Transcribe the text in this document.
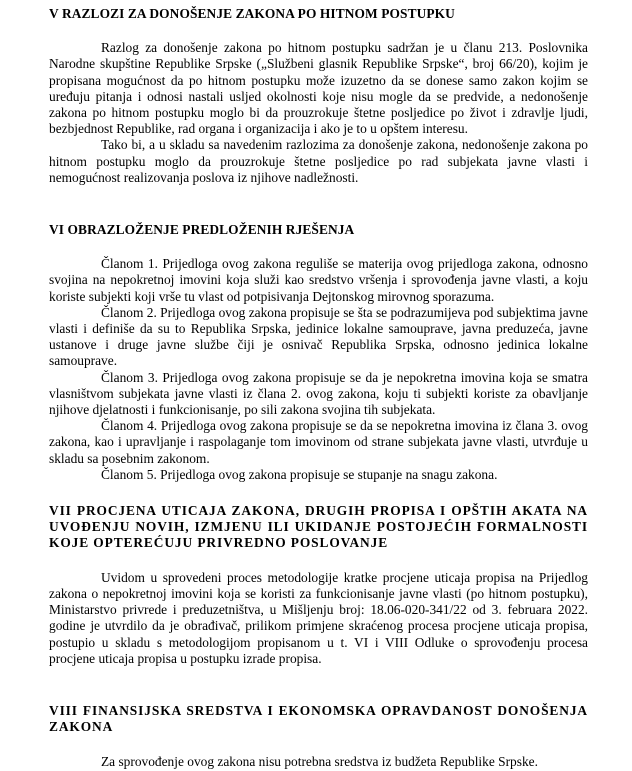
V RAZLOZI ZA DONOŠENJE ZAKONA PO HITNOM POSTUPKU

Razlog za donošenje zakona po hitnom postupku sadržan je u članu 213. Poslovnika Narodne skupštine Republike Srpske („Službeni glasnik Republike Srpske“, broj 66/20), kojim je propisana mogućnost da po hitnom postupku može izuzetno da se donese samo zakon kojim se uređuju pitanja i odnosi nastali uslјed okolnosti koje nisu mogle da se predvide, a nedonošenje zakona po hitnom postupku moglo bi da prouzrokuje štetne posljedice po život i zdravlje ljudi, bezbjednost Republike, rad organa i organizacija i ako je to u opštem interesu.

Tako bi, a u skladu sa navedenim razlozima za donošenje zakona, nedonošenje zakona po hitnom postupku moglo da prouzrokuje štetne posljedice po rad subjekata javne vlasti i nemogućnost realizovanja poslova iz njihove nadležnosti.

VI OBRAZLOŽENJE PREDLOŽENIH RJEŠENJA

Članom 1. Prijedloga ovog zakona reguliše se materija ovog prijedloga zakona, odnosno svojina na nepokretnoj imovini koja služi kao sredstvo vršenja i sprovođenja javne vlasti, a koju koriste subjekti koji vrše tu vlast od potpisivanja Dejtonskog mirovnog sporazuma.

Članom 2. Prijedloga ovog zakona propisuje se šta se podrazumijeva pod subjektima javne vlasti i definiše da su to Republika Srpska, jedinice lokalne samouprave, javna preduzeća, javne ustanove i druge javne službe čiji je osnivač Republika Srpska, odnosno jedinica lokalne samouprave.

Članom 3. Prijedloga ovog zakona propisuje se da je nepokretna imovina koja se smatra vlasništvom subjekata javne vlasti iz člana 2. ovog zakona, koju ti subjekti koriste za obavlјanje njihove djelatnosti i funkcionisanje, po sili zakona svojina tih subjekata.

Članom 4. Prijedloga ovog zakona propisuje se da se nepokretna imovina iz člana 3. ovog zakona, kao i upravlјanje i raspolaganje tom imovinom od strane subjekata javne vlasti, utvrđuje u skladu sa posebnim zakonom.

Članom 5. Prijedloga ovog zakona propisuje se stupanje na snagu zakona.

VII PROCJENA UTICAJA ZAKONA, DRUGIH PROPISA I OPŠTIH AKATA NA UVOĐENJU NOVIH, IZMJENU ILI UKIDANJE POSTOJEĆIH FORMALNOSTI KOJE OPTEREĆUJU PRIVREDNO POSLOVANJE

Uvidom u sprovedeni proces metodologije kratke procjene uticaja propisa na Prijedlog zakona o nepokretnoj imovini koja se koristi za funkcionisanje javne vlasti (po hitnom postupku), Ministarstvo privrede i preduzetništva, u Mišljenju broj: 18.06-020-341/22 od 3. februara 2022. godine je utvrdilo da je obrađivač, prilikom primjene skraćenog procesa procjene uticaja propisa, postupio u skladu s metodologijom propisanom u t. VI i VIII Odluke o sprovođenju procesa procjene uticaja propisa u postupku izrade propisa.

VIII FINANSIJSKA SREDSTVA I EKONOMSKA OPRAVDANOST DONOŠENJA ZAKONA

Za sprovođenje ovog zakona nisu potrebna sredstva iz budžeta Republike Srpske.
